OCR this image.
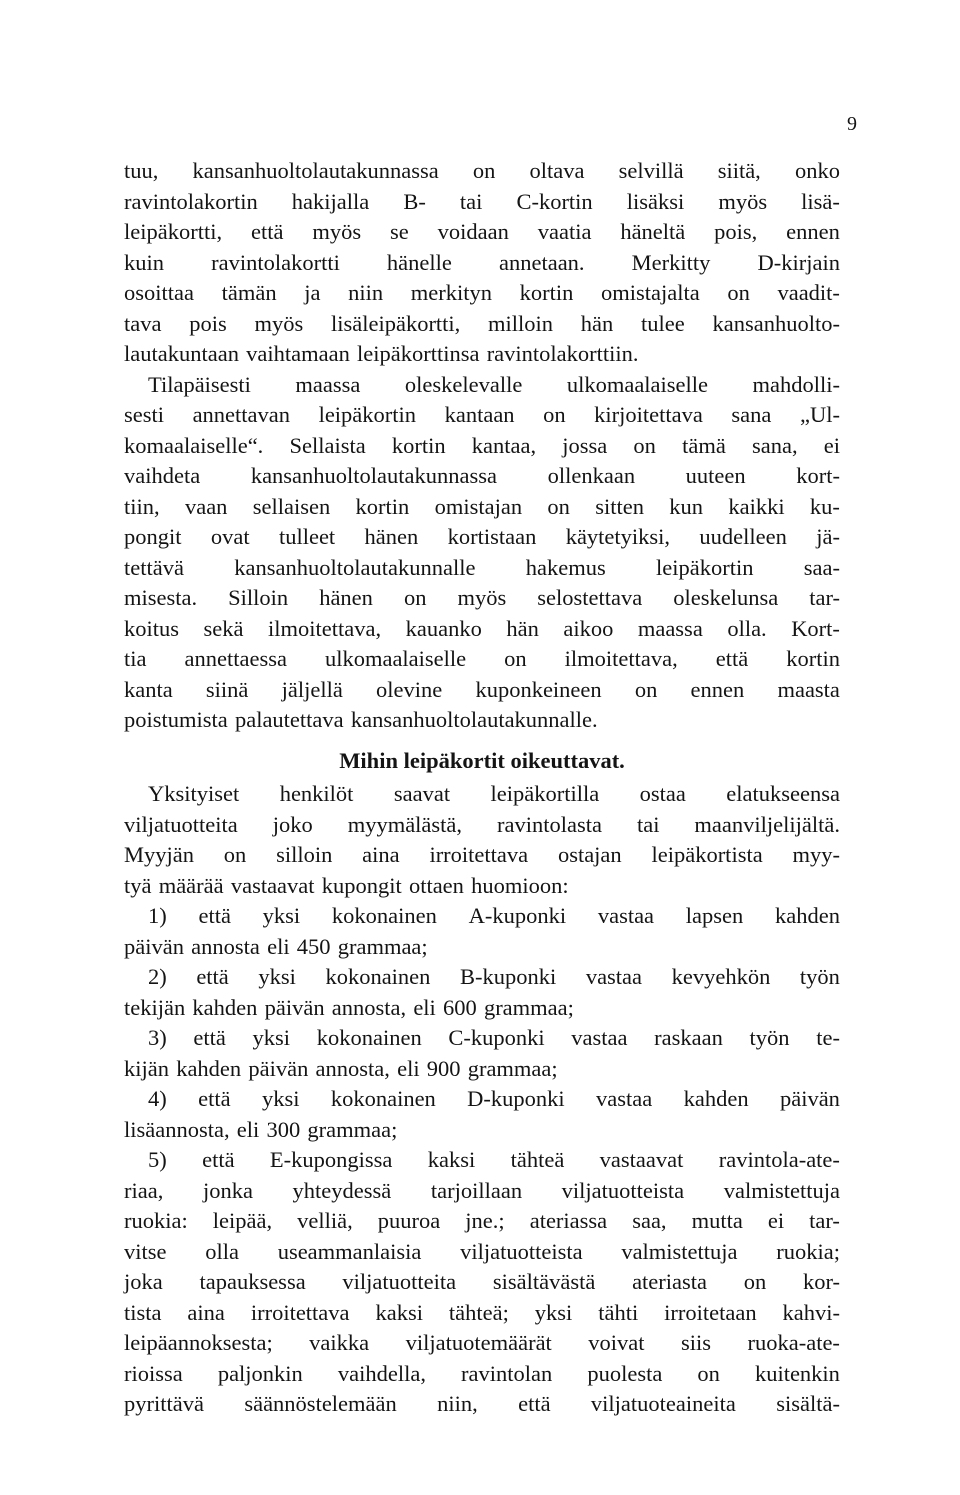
9
tuu, kansanhuoltolautakunnassa on oltava selvillä siitä, onko
ravintolakortin hakijalla B- tai C-kortin lisäksi myös lisä-
leipäkortti, että myös se voidaan vaatia häneltä pois, ennen
kuin ravintolakortti hänelle annetaan. Merkitty D-kirjain
osoittaa tämän ja niin merkityn kortin omistajalta on vaadit-
tava pois myös lisäleipäkortti, milloin hän tulee kansanhuolto-
lautakuntaan vaihtamaan leipäkorttinsa ravintolakorttiin.
Tilapäisesti maassa oleskelevalle ulkomaalaiselle mahdolli-
sesti annettavan leipäkortin kantaan on kirjoitettava sana „Ul-
komaalaiselle“. Sellaista kortin kantaa, jossa on tämä sana, ei
vaihdeta kansanhuoltolautakunnassa ollenkaan uuteen kort-
tiin, vaan sellaisen kortin omistajan on sitten kun kaikki ku-
pongit ovat tulleet hänen kortistaan käytetyiksi, uudelleen jä-
tettävä kansanhuoltolautakunnalle hakemus leipäkortin saa-
misesta. Silloin hänen on myös selostettava oleskelunsa tar-
koitus sekä ilmoitettava, kauanko hän aikoo maassa olla. Kort-
tia annettaessa ulkomaalaiselle on ilmoitettava, että kortin
kanta siinä jäljellä olevine kuponkeineen on ennen maasta
poistumista palautettava kansanhuoltolautakunnalle.
Mihin leipäkortit oikeuttavat.
Yksityiset henkilöt saavat leipäkortilla ostaa elatukseensa
viljatuotteita joko myymälästä, ravintolasta tai maanviljelijältä.
Myyjän on silloin aina irroitettava ostajan leipäkortista myy-
tyä määrää vastaavat kupongit ottaen huomioon:
1) että yksi kokonainen A-kuponki vastaa lapsen kahden
päivän annosta eli 450 grammaa;
2) että yksi kokonainen B-kuponki vastaa kevyehkön työn
tekijän kahden päivän annosta, eli 600 grammaa;
3) että yksi kokonainen C-kuponki vastaa raskaan työn te-
kijän kahden päivän annosta, eli 900 grammaa;
4) että yksi kokonainen D-kuponki vastaa kahden päivän
lisäannosta, eli 300 grammaa;
5) että E-kupongissa kaksi tähteä vastaavat ravintola-ate-
riaa, jonka yhteydessä tarjoillaan viljatuotteista valmistettuja
ruokia: leipää, velliä, puuroa jne.; ateriassa saa, mutta ei tar-
vitse olla useammanlaisia viljatuotteista valmistettuja ruokia;
joka tapauksessa viljatuotteita sisältävästä ateriasta on kor-
tista aina irroitettava kaksi tähteä; yksi tähti irroitetaan kahvi-
leipäannoksesta; vaikka viljatuotemäärät voivat siis ruoka-ate-
rioissa paljonkin vaihdella, ravintolan puolesta on kuitenkin
pyrittävä säännöstelemään niin, että viljatuoteaineita sisältä-
